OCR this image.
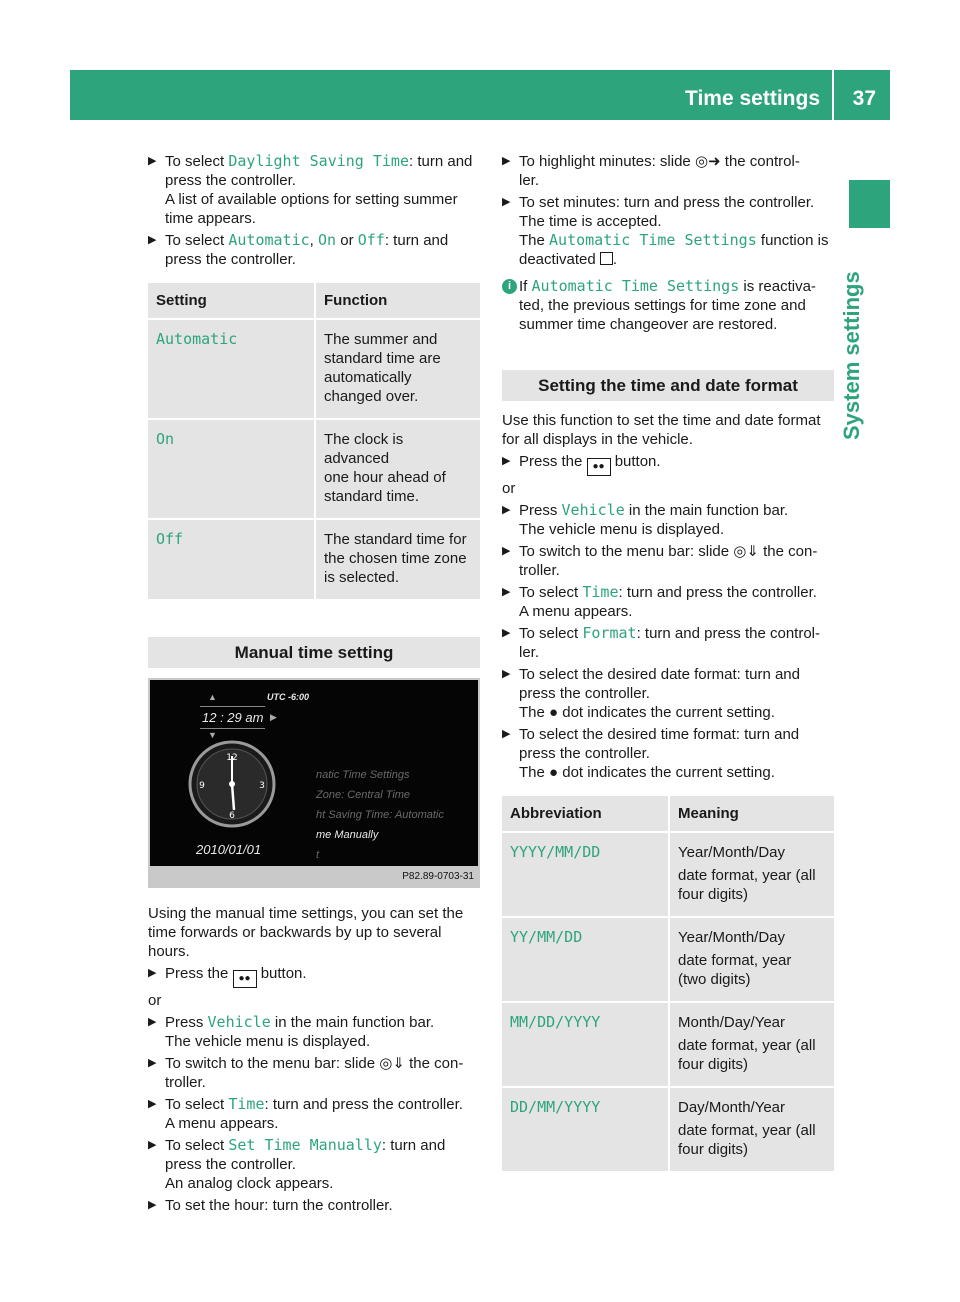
Time settings 37
System settings
▶ To select Daylight Saving Time: turn and
press the controller.
A list of available options for setting summer
time appears.
▶ To select Automatic, On or Off: turn and
press the controller.
Setting	Function
Automatic	The summer and
standard time are
automatically
changed over.

On	The clock is advanced
one hour ahead of
standard time.

Off	The standard time for
the chosen time zone
is selected.
Manual time setting
UTC -6:00
▲
12 : 29 am ▶
▼
12
3
6
9
2010/01/01
natic Time Settings
Zone: Central Time
ht Saving Time: Automatic
me Manually
t
P82.89-0703-31

Using the manual time settings, you can set the
time forwards or backwards by up to several
hours.

▶ Press the ●● button.

or

▶ Press Vehicle in the main function bar.
The vehicle menu is displayed.
▶ To switch to the menu bar: slide ◎⇓ the con-
troller.
▶ To select Time: turn and press the controller.
A menu appears.
▶ To select Set Time Manually: turn and
press the controller.
An analog clock appears.
▶ To set the hour: turn the controller.
▶ To highlight minutes: slide ◎➜ the control-
ler.
▶ To set minutes: turn and press the controller.
The time is accepted.
The Automatic Time Settings function is
deactivated .
i If Automatic Time Settings is reactiva-
ted, the previous settings for time zone and
summer time changeover are restored.
Setting the time and date format

Use this function to set the time and date format
for all displays in the vehicle.

▶ Press the ●● button.

or

▶ Press Vehicle in the main function bar.
The vehicle menu is displayed.
▶ To switch to the menu bar: slide ◎⇓ the con-
troller.
▶ To select Time: turn and press the controller.
A menu appears.
▶ To select Format: turn and press the control-
ler.
▶ To select the desired date format: turn and
press the controller.
The ● dot indicates the current setting.
▶ To select the desired time format: turn and
press the controller.
The ● dot indicates the current setting.
Abbreviation	Meaning
YYYY/MM/DD	Year/Month/Day
date format, year (all
four digits)

YY/MM/DD	Year/Month/Day
date format, year
(two digits)

MM/DD/YYYY	Month/Day/Year
date format, year (all
four digits)

DD/MM/YYYY	Day/Month/Year
date format, year (all
four digits)
